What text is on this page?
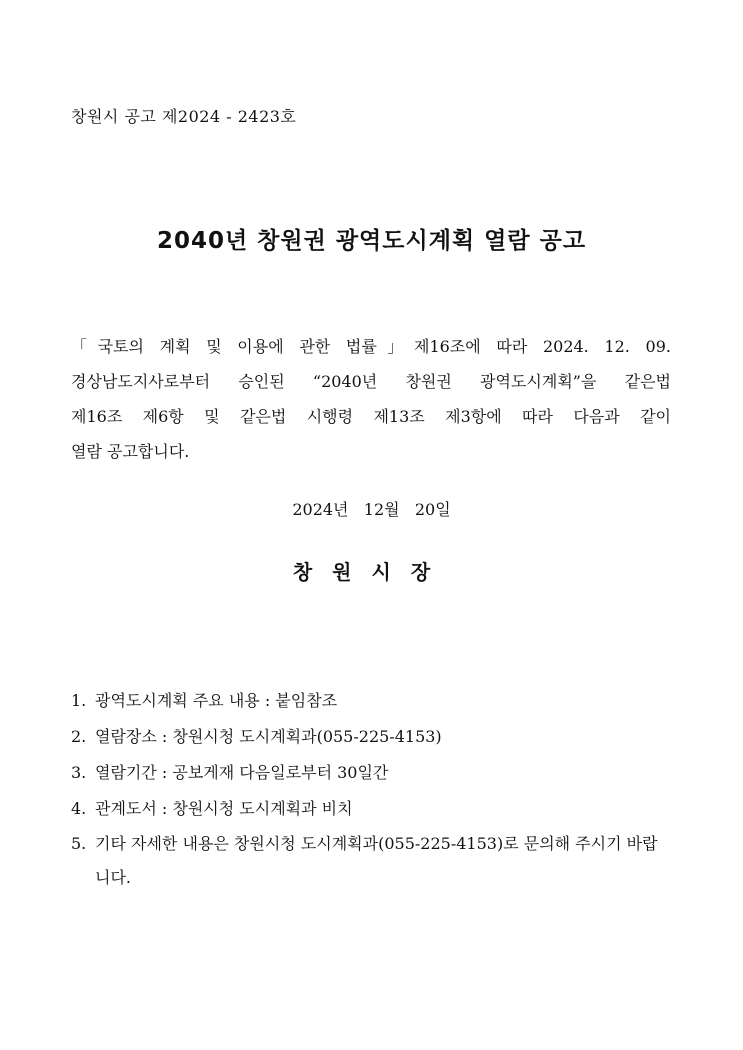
창원시 공고 제2024 - 2423호
2040년 창원권 광역도시계획 열람 공고
「국토의 계획 및 이용에 관한 법률」제16조에 따라 2024. 12. 09.
경상남도지사로부터 승인된 “2040년 창원권 광역도시계획”을 같은법
제16조 제6항 및 같은법 시행령 제13조 제3항에 따라 다음과 같이
열람 공고합니다.
2024년   12월   20일
창원시장
1. 광역도시계획 주요 내용 : 붙임참조
2. 열람장소 : 창원시청 도시계획과(055-225-4153)
3. 열람기간 : 공보게재 다음일로부터 30일간
4. 관계도서 : 창원시청 도시계획과 비치
5. 기타 자세한 내용은 창원시청 도시계획과(055-225-4153)로 문의해 주시기 바랍니다.
